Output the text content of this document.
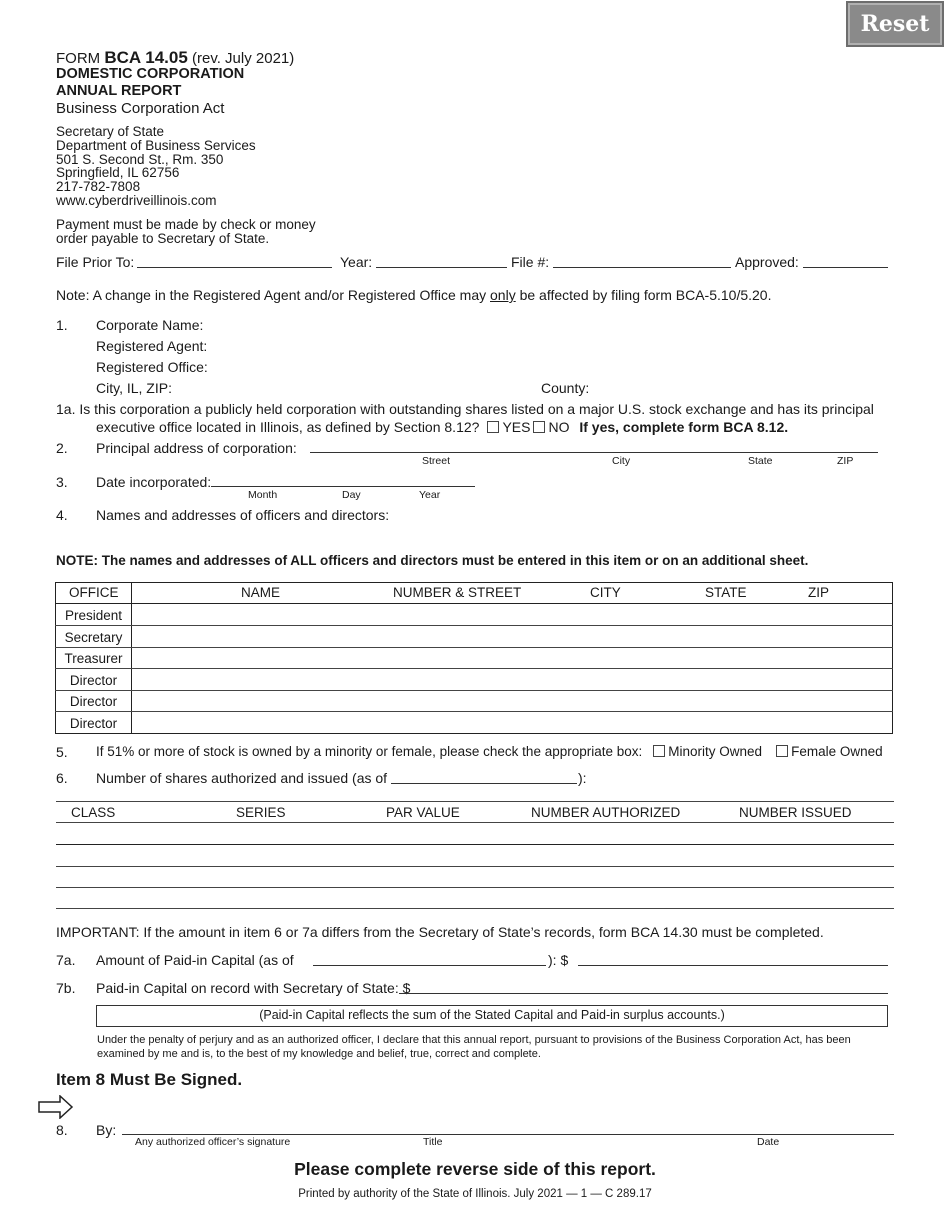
Reset
FORM BCA 14.05 (rev. July 2021)
DOMESTIC CORPORATION
ANNUAL REPORT
Business Corporation Act
Secretary of State
Department of Business Services
501 S. Second St., Rm. 350
Springfield, IL 62756
217-782-7808
www.cyberdriveillinois.com
Payment must be made by check or money
order payable to Secretary of State.
File Prior To:	Year:	File #:	Approved:
Note: A change in the Registered Agent and/or Registered Office may only be affected by filing form BCA-5.10/5.20.
1. Corporate Name:
Registered Agent:
Registered Office:
City, IL, ZIP:	County:
1a. Is this corporation a publicly held corporation with outstanding shares listed on a major U.S. stock exchange and has its principal
executive office located in Illinois, as defined by Section 8.12? YES NO If yes, complete form BCA 8.12.
2. Principal address of corporation:
Street	City	State	ZIP
3. Date incorporated:
Month	Day	Year
4. Names and addresses of officers and directors:
NOTE: The names and addresses of ALL officers and directors must be entered in this item or on an additional sheet.
OFFICE	NAME	NUMBER & STREET	CITY	STATE	ZIP
President
Secretary
Treasurer
Director
Director
Director
5. If 51% or more of stock is owned by a minority or female, please check the appropriate box: Minority Owned Female Owned
6. Number of shares authorized and issued (as of	):
CLASS	SERIES	PAR VALUE	NUMBER AUTHORIZED	NUMBER ISSUED
IMPORTANT: If the amount in item 6 or 7a differs from the Secretary of State’s records, form BCA 14.30 must be completed.
7a. Amount of Paid-in Capital (as of	): $
7b. Paid-in Capital on record with Secretary of State: $
(Paid-in Capital reflects the sum of the Stated Capital and Paid-in surplus accounts.)
Under the penalty of perjury and as an authorized officer, I declare that this annual report, pursuant to provisions of the Business Corporation Act, has been
examined by me and is, to the best of my knowledge and belief, true, correct and complete.
Item 8 Must Be Signed.
8. By:
Any authorized officer’s signature	Title	Date
Please complete reverse side of this report.
Printed by authority of the State of Illinois. July 2021 — 1 — C 289.17
